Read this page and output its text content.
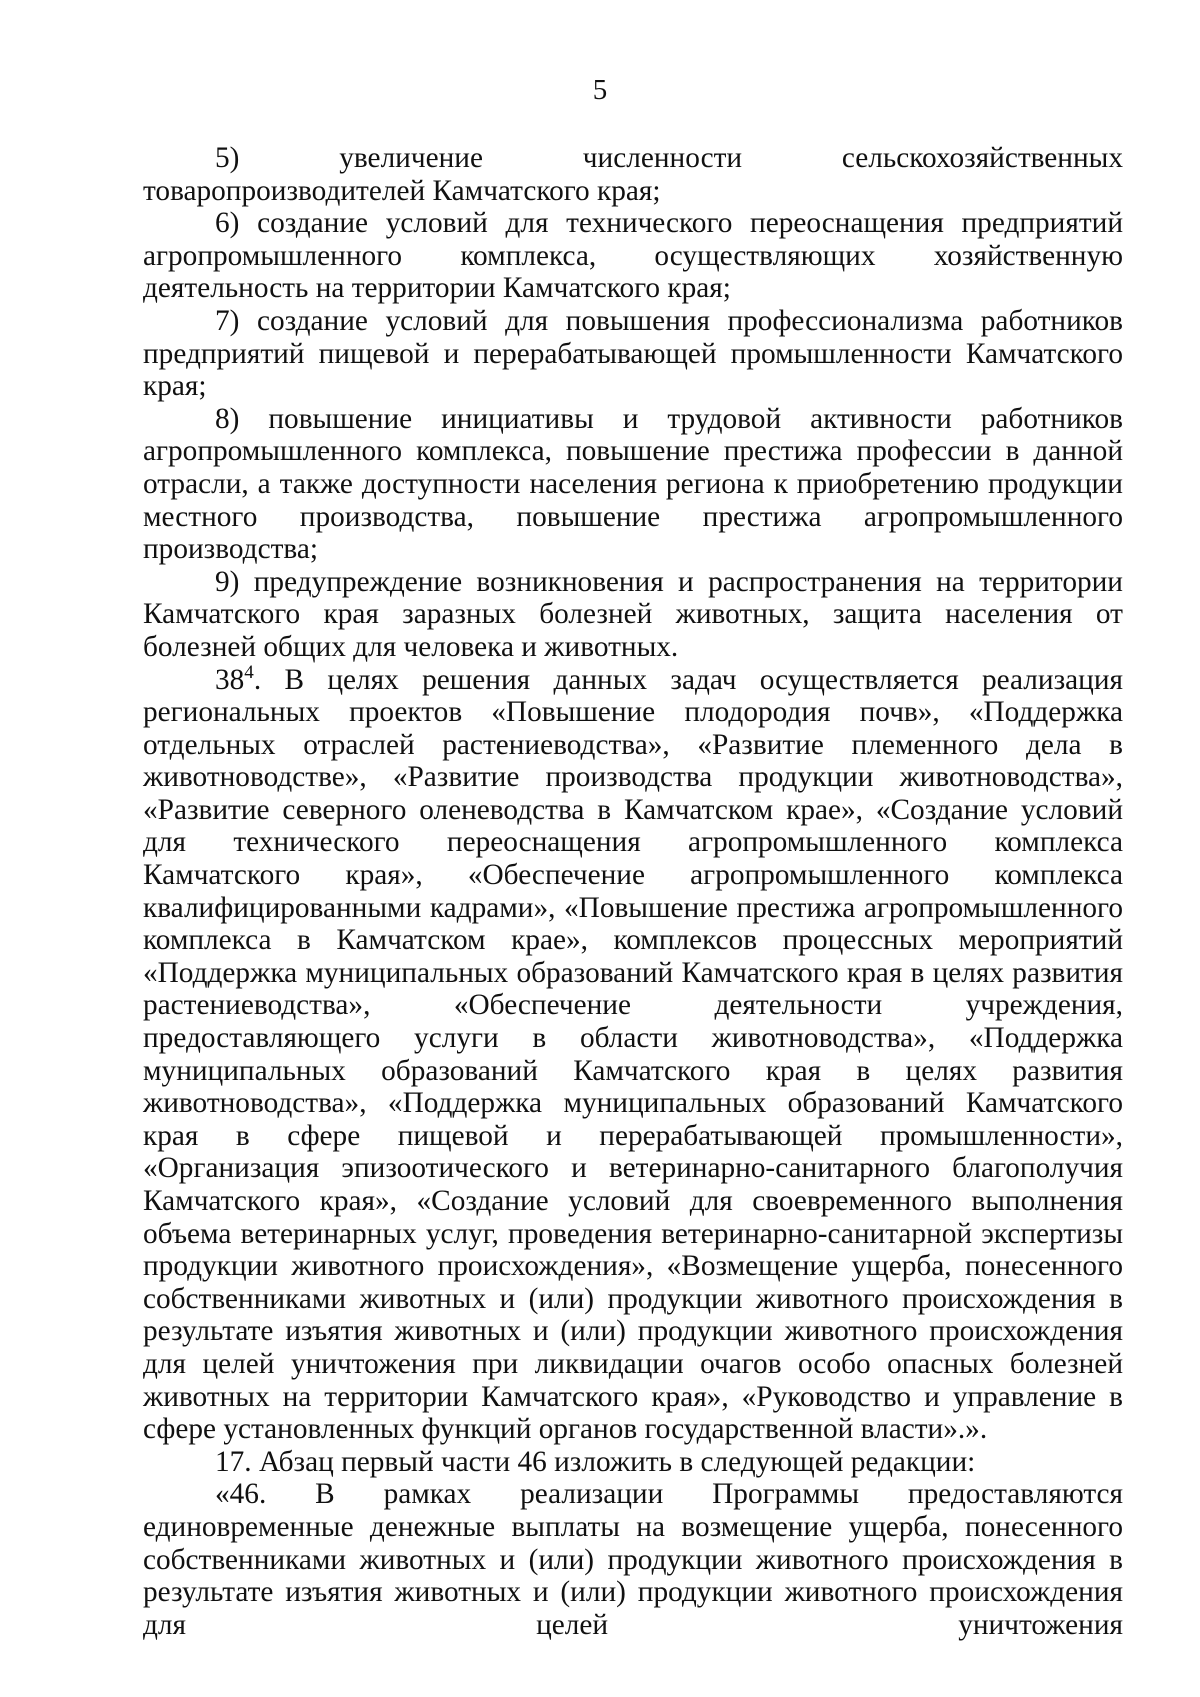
5

5) увеличение численности сельскохозяйственных товаропроизводителей Камчатского края;

6) создание условий для технического переоснащения предприятий агропромышленного комплекса, осуществляющих хозяйственную деятельность на территории Камчатского края;

7) создание условий для повышения профессионализма работников предприятий пищевой и перерабатывающей промышленности Камчатского края;

8) повышение инициативы и трудовой активности работников агропромышленного комплекса, повышение престижа профессии в данной отрасли, а также доступности населения региона к приобретению продукции местного производства, повышение престижа агропромышленного производства;

9) предупреждение возникновения и распространения на территории Камчатского края заразных болезней животных, защита населения от болезней общих для человека и животных.

$38^4$. В целях решения данных задач осуществляется реализация региональных проектов «Повышение плодородия почв», «Поддержка отдельных отраслей растениеводства», «Развитие племенного дела в животноводстве», «Развитие производства продукции животноводства», «Развитие северного оленеводства в Камчатском крае», «Создание условий для технического переоснащения агропромышленного комплекса Камчатского края», «Обеспечение агропромышленного комплекса квалифицированными кадрами», «Повышение престижа агропромышленного комплекса в Камчатском крае», комплексов процессных мероприятий «Поддержка муниципальных образований Камчатского края в целях развития растениеводства», «Обеспечение деятельности учреждения, предоставляющего услуги в области животноводства», «Поддержка муниципальных образований Камчатского края в целях развития животноводства», «Поддержка муниципальных образований Камчатского края в сфере пищевой и перерабатывающей промышленности», «Организация эпизоотического и ветеринарно-санитарного благополучия Камчатского края», «Создание условий для своевременного выполнения объема ветеринарных услуг, проведения ветеринарно-санитарной экспертизы продукции животного происхождения», «Возмещение ущерба, понесенного собственниками животных и (или) продукции животного происхождения в результате изъятия животных и (или) продукции животного происхождения для целей уничтожения при ликвидации очагов особо опасных болезней животных на территории Камчатского края», «Руководство и управление в сфере установленных функций органов государственной власти».».

17. Абзац первый части 46 изложить в следующей редакции:

«46. В рамках реализации Программы предоставляются единовременные денежные выплаты на возмещение ущерба, понесенного собственниками животных и (или) продукции животного происхождения в результате изъятия животных и (или) продукции животного происхождения для целей уничтожения
